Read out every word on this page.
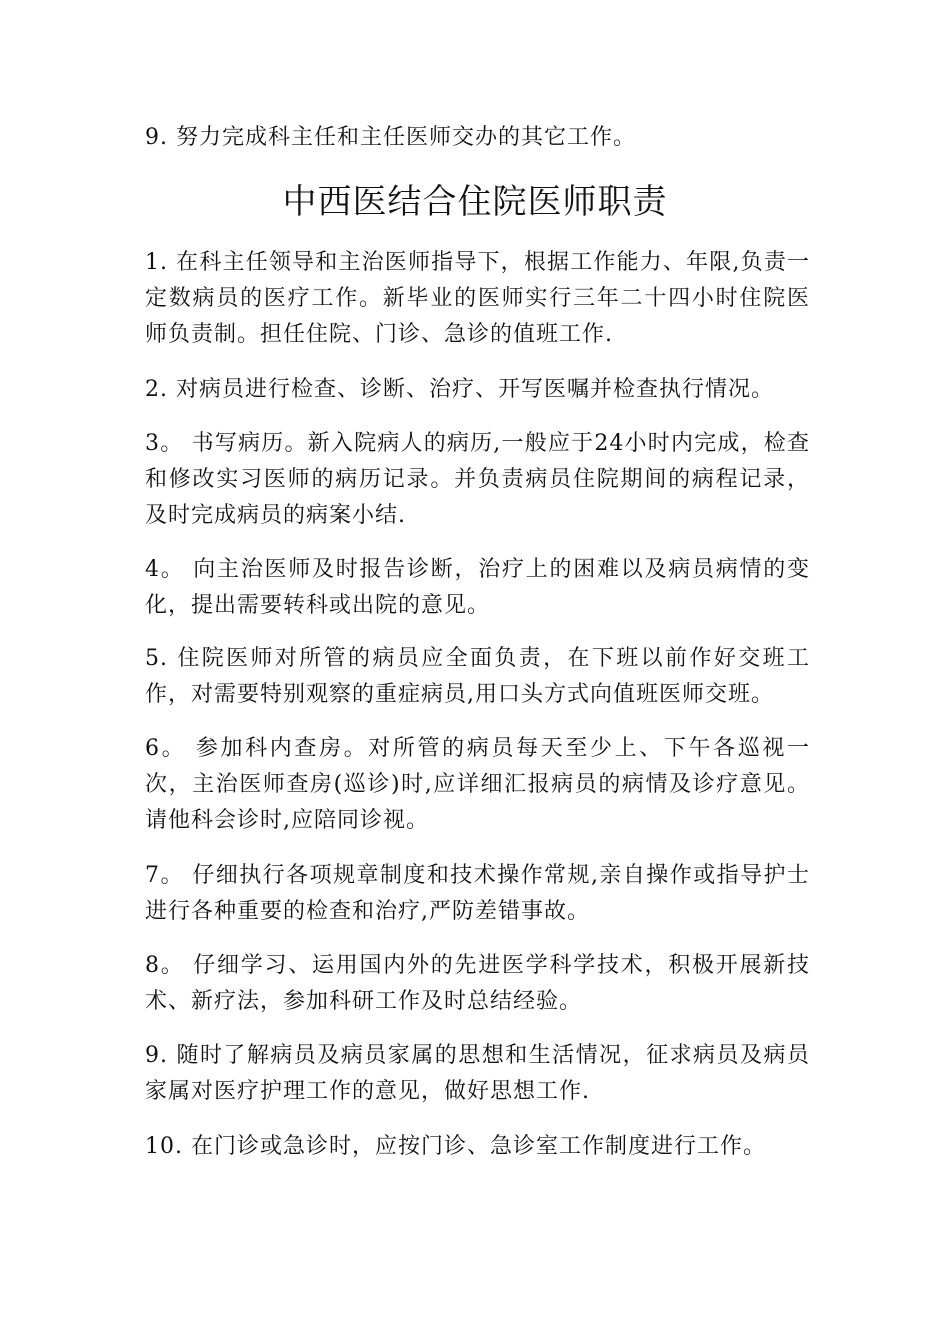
9. 努力完成科主任和主任医师交办的其它工作。

中西医结合住院医师职责

1. 在科主任领导和主治医师指导下，根据工作能力、年限,负责一定数病员的医疗工作。新毕业的医师实行三年二十四小时住院医师负责制。担任住院、门诊、急诊的值班工作.

2. 对病员进行检查、诊断、治疗、开写医嘱并检查执行情况。

3。 书写病历。新入院病人的病历,一般应于24小时内完成，检查和修改实习医师的病历记录。并负责病员住院期间的病程记录，及时完成病员的病案小结.

4。 向主治医师及时报告诊断，治疗上的困难以及病员病情的变化，提出需要转科或出院的意见。

5. 住院医师对所管的病员应全面负责，在下班以前作好交班工作，对需要特别观察的重症病员,用口头方式向值班医师交班。

6。 参加科内查房。对所管的病员每天至少上、下午各巡视一次，主治医师查房(巡诊)时,应详细汇报病员的病情及诊疗意见。请他科会诊时,应陪同诊视。

7。 仔细执行各项规章制度和技术操作常规,亲自操作或指导护士进行各种重要的检查和治疗,严防差错事故。

8。 仔细学习、运用国内外的先进医学科学技术，积极开展新技术、新疗法，参加科研工作及时总结经验。

9. 随时了解病员及病员家属的思想和生活情况，征求病员及病员家属对医疗护理工作的意见，做好思想工作.

10. 在门诊或急诊时，应按门诊、急诊室工作制度进行工作。
